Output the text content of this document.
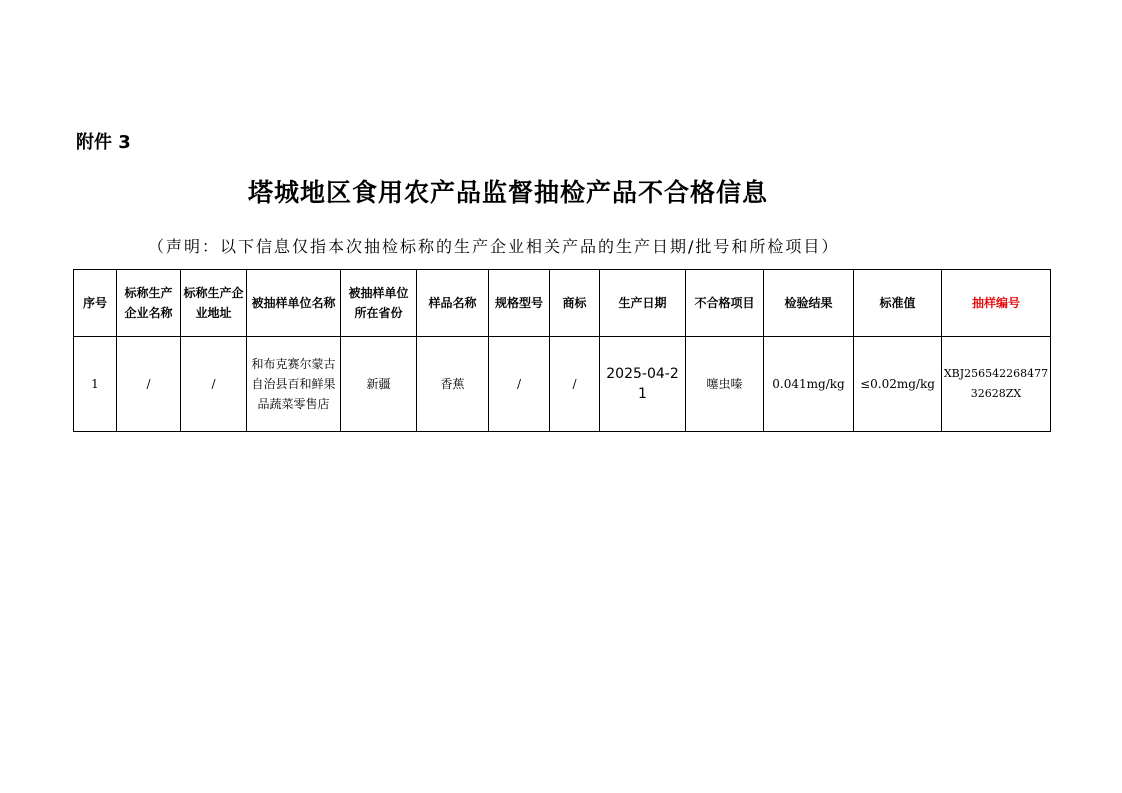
附件 3
塔城地区食用农产品监督抽检产品不合格信息
（声明：以下信息仅指本次抽检标称的生产企业相关产品的生产日期/批号和所检项目）
序号	标称生产企业名称	标称生产企业地址	被抽样单位名称	被抽样单位所在省份	样品名称	规格型号	商标	生产日期	不合格项目	检验结果	标准值	抽样编号
1	/	/	和布克赛尔蒙古自治县百和鲜果品蔬菜零售店	新疆	香蕉	/	/	2025-04-21	噻虫嗪	0.041mg/kg	≤0.02mg/kg	XBJ25654226847732628ZX
